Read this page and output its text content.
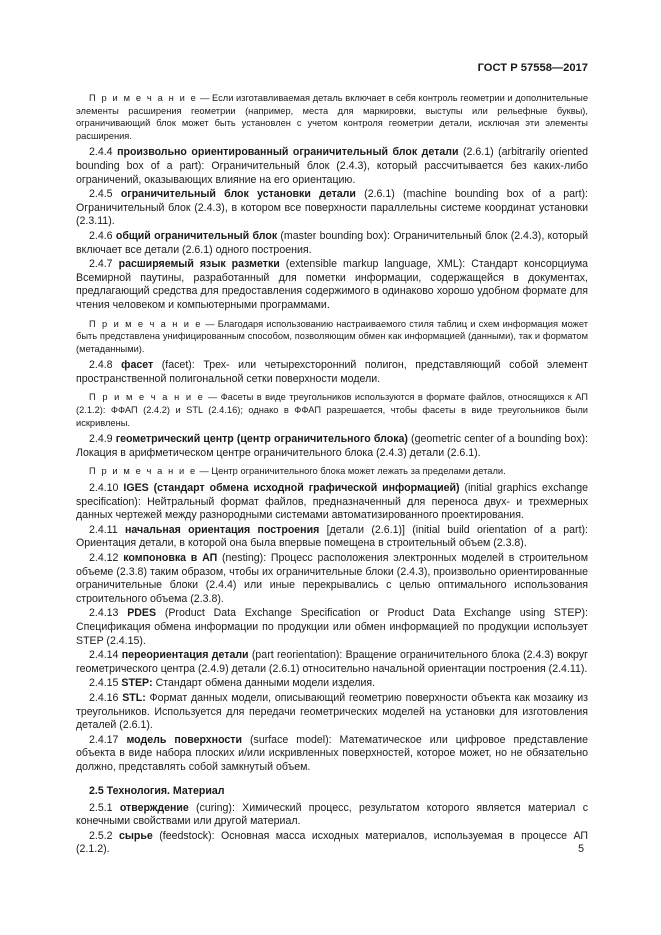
ГОСТ Р 57558—2017

П р и м е ч а н и е — Если изготавливаемая деталь включает в себя контроль геометрии и дополнительные элементы расширения геометрии (например, места для маркировки, выступы или рельефные буквы), ограничивающий блок может быть установлен с учетом контроля геометрии детали, исключая эти элементы расширения.

2.4.4 произвольно ориентированный ограничительный блок детали (2.6.1) (arbitrarily oriented bounding box of a part): Ограничительный блок (2.4.3), который рассчитывается без каких-либо ограничений, оказывающих влияние на его ориентацию.

2.4.5 ограничительный блок установки детали (2.6.1) (machine bounding box of a part): Ограничительный блок (2.4.3), в котором все поверхности параллельны системе координат установки (2.3.11).

2.4.6 общий ограничительный блок (master bounding box): Ограничительный блок (2.4.3), который включает все детали (2.6.1) одного построения.

2.4.7 расширяемый язык разметки (extensible markup language, XML): Стандарт консорциума Всемирной паутины, разработанный для пометки информации, содержащейся в документах, предлагающий средства для предоставления содержимого в одинаково хорошо удобном формате для чтения человеком и компьютерными программами.

П р и м е ч а н и е — Благодаря использованию настраиваемого стиля таблиц и схем информация может быть представлена унифицированным способом, позволяющим обмен как информацией (данными), так и форматом (метаданными).

2.4.8 фасет (facet): Трех- или четырехсторонний полигон, представляющий собой элемент пространственной полигональной сетки поверхности модели.

П р и м е ч а н и е — Фасеты в виде треугольников используются в формате файлов, относящихся к АП (2.1.2): ФФАП (2.4.2) и STL (2.4.16); однако в ФФАП разрешается, чтобы фасеты в виде треугольников были искривлены.

2.4.9 геометрический центр (центр ограничительного блока) (geometric center of a bounding box): Локация в арифметическом центре ограничительного блока (2.4.3) детали (2.6.1).

П р и м е ч а н и е — Центр ограничительного блока может лежать за пределами детали.

2.4.10 IGES (стандарт обмена исходной графической информацией) (initial graphics exchange specification): Нейтральный формат файлов, предназначенный для переноса двух- и трехмерных данных чертежей между разнородными системами автоматизированного проектирования.

2.4.11 начальная ориентация построения [детали (2.6.1)] (initial build orientation of a part): Ориентация детали, в которой она была впервые помещена в строительный объем (2.3.8).

2.4.12 компоновка в АП (nesting): Процесс расположения электронных моделей в строительном объеме (2.3.8) таким образом, чтобы их ограничительные блоки (2.4.3), произвольно ориентированные ограничительные блоки (2.4.4) или иные перекрывались с целью оптимального использования строительного объема (2.3.8).

2.4.13 PDES (Product Data Exchange Specification or Product Data Exchange using STEP): Спецификация обмена информации по продукции или обмен информацией по продукции использует STEP (2.4.15).

2.4.14 переориентация детали (part reorientation): Вращение ограничительного блока (2.4.3) вокруг геометрического центра (2.4.9) детали (2.6.1) относительно начальной ориентации построения (2.4.11).

2.4.15 STEP: Стандарт обмена данными модели изделия.

2.4.16 STL: Формат данных модели, описывающий геометрию поверхности объекта как мозаику из треугольников. Используется для передачи геометрических моделей на установки для изготовления деталей (2.6.1).

2.4.17 модель поверхности (surface model): Математическое или цифровое представление объекта в виде набора плоских и/или искривленных поверхностей, которое может, но не обязательно должно, представлять собой замкнутый объем.

2.5 Технология. Материал

2.5.1 отверждение (curing): Химический процесс, результатом которого является материал с конечными свойствами или другой материал.

2.5.2 сырье (feedstock): Основная масса исходных материалов, используемая в процессе АП (2.1.2).	5
